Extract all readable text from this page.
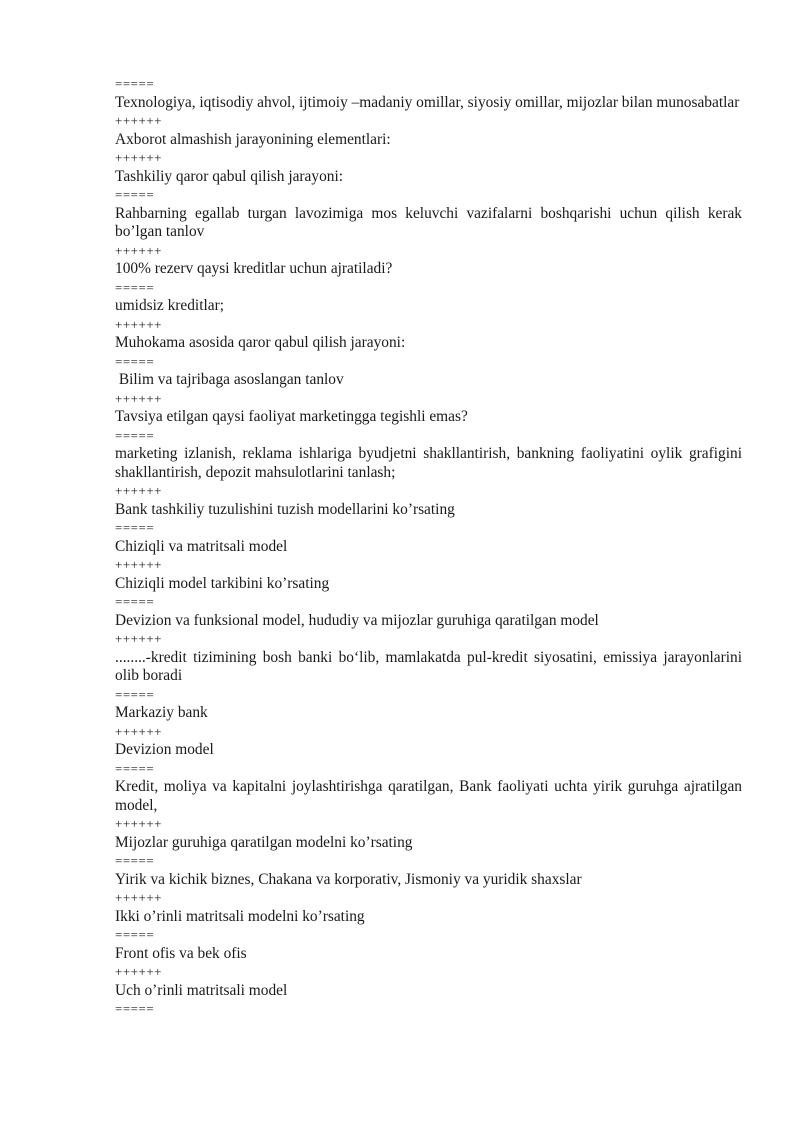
=====
Texnologiya, iqtisodiy ahvol, ijtimoiy –madaniy omillar, siyosiy omillar, mijozlar bilan munosabatlar
++++++
Axborot almashish jarayonining elementlari:
++++++
Tashkiliy qaror qabul qilish jarayoni:
=====
Rahbarning egallab turgan lavozimiga mos keluvchi vazifalarni boshqarishi uchun qilish kerak bo’lgan tanlov
++++++
100% rezerv qaysi kreditlar uchun ajratiladi?
=====
umidsiz kreditlar;
++++++
Muhokama asosida qaror qabul qilish jarayoni:
=====
Bilim va tajribaga asoslangan tanlov
++++++
Tavsiya etilgan qaysi faoliyat marketingga tegishli emas?
=====
marketing izlanish, reklama ishlariga byudjetni shakllantirish, bankning faoliyatini oylik grafigini shakllantirish, depozit mahsulotlarini tanlash;
++++++
Bank tashkiliy tuzulishini tuzish modellarini ko’rsating
=====
Chiziqli va matritsali model
++++++
Chiziqli model tarkibini ko’rsating
=====
Devizion va funksional model, hududiy va mijozlar guruhiga qaratilgan model
++++++
........-kredit tizimining bosh banki bo‘lib, mamlakatda pul-kredit siyosatini, emissiya jarayonlarini olib boradi
=====
Markaziy bank
++++++
Devizion model
=====
Kredit, moliya va kapitalni joylashtirishga qaratilgan, Bank faoliyati uchta yirik guruhga ajratilgan model,
++++++
Mijozlar guruhiga qaratilgan modelni ko’rsating
=====
Yirik va kichik biznes, Chakana va korporativ, Jismoniy va yuridik shaxslar
++++++
Ikki o’rinli matritsali modelni ko’rsating
=====
Front ofis va bek ofis
++++++
Uch o’rinli matritsali model
=====
